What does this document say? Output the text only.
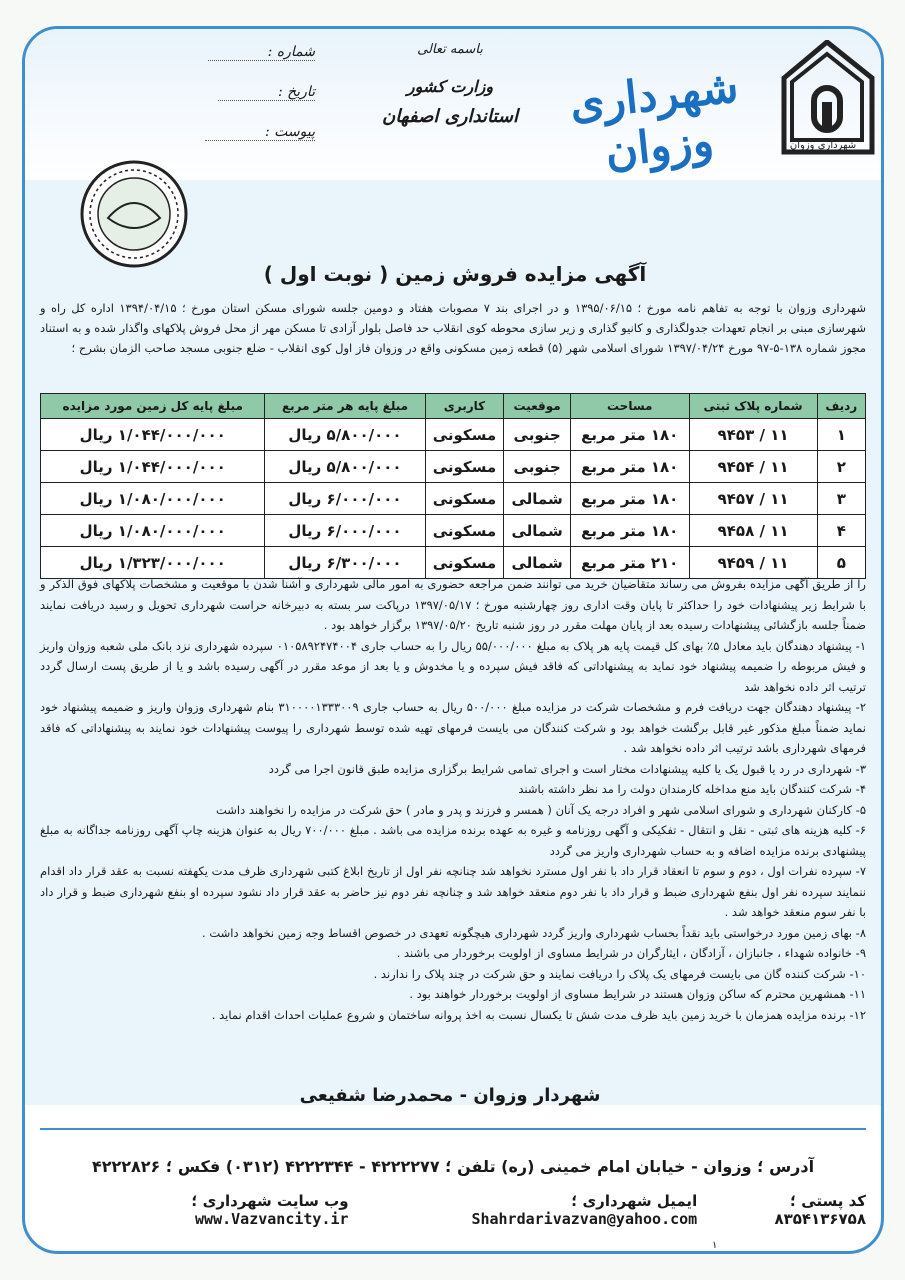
شهرداری وزوان
شهرداری وزوان
باسمه تعالی
وزارت کشور
استانداری اصفهان
شماره :
تاریخ :
پیوست :
آگهی مزایده فروش زمین ( نوبت اول )
شهرداری وزوان با توجه به تفاهم نامه مورخ ؛ ۱۳۹۵/۰۶/۱۵ و در اجرای بند ۷ مصوبات هفتاد و دومین جلسه شورای مسکن استان مورخ ؛ ۱۳۹۴/۰۴/۱۵ اداره کل راه و شهرسازی مبنی بر انجام تعهدات جدولگذاری و کانیو گذاری و زیر سازی محوطه کوی انقلاب حد فاصل بلوار آزادی تا مسکن مهر از محل فروش پلاکهای واگذار شده و به استناد مجوز شماره ۱۳۸-۵-۹۷ مورخ ۱۳۹۷/۰۴/۲۴ شورای اسلامی شهر (۵) قطعه زمین مسکونی واقع در وزوان فاز اول کوی انقلاب - ضلع جنوبی مسجد صاحب الزمان بشرح ؛
ردیف	شماره پلاک ثبتی	مساحت	موقعیت	کاربری	مبلغ پایه هر متر مربع	مبلغ پایه کل زمین مورد مزایده
۱	۱۱ / ۹۴۵۳	۱۸۰ متر مربع	جنوبی	مسکونی	۵/۸۰۰/۰۰۰ ریال	۱/۰۴۴/۰۰۰/۰۰۰ ریال
۲	۱۱ / ۹۴۵۴	۱۸۰ متر مربع	جنوبی	مسکونی	۵/۸۰۰/۰۰۰ ریال	۱/۰۴۴/۰۰۰/۰۰۰ ریال
۳	۱۱ / ۹۴۵۷	۱۸۰ متر مربع	شمالی	مسکونی	۶/۰۰۰/۰۰۰ ریال	۱/۰۸۰/۰۰۰/۰۰۰ ریال
۴	۱۱ / ۹۴۵۸	۱۸۰ متر مربع	شمالی	مسکونی	۶/۰۰۰/۰۰۰ ریال	۱/۰۸۰/۰۰۰/۰۰۰ ریال
۵	۱۱ / ۹۴۵۹	۲۱۰ متر مربع	شمالی	مسکونی	۶/۳۰۰/۰۰۰ ریال	۱/۳۲۳/۰۰۰/۰۰۰ ریال

را از طریق آگهی مزایده بفروش می رساند متقاضیان خرید می توانند ضمن مراجعه حضوری به امور مالی شهرداری و آشنا شدن با موقعیت و مشخصات پلاکهای فوق الذکر و با شرایط زیر پیشنهادات خود را حداکثر تا پایان وقت اداری روز چهارشنبه مورخ ؛ ۱۳۹۷/۰۵/۱۷ درپاکت سر بسته به دبیرخانه حراست شهرداری تحویل و رسید دریافت نمایند ضمناً جلسه بازگشائی پیشنهادات رسیده بعد از پایان مهلت مقرر در روز شنبه تاریخ ۱۳۹۷/۰۵/۲۰ برگزار خواهد بود .

۱- پیشنهاد دهندگان باید معادل ۵٪ بهای کل قیمت پایه هر پلاک به مبلغ ۵۵/۰۰۰/۰۰۰ ریال را به حساب جاری ۰۱۰۵۸۹۲۴۷۴۰۰۴ سپرده شهرداری نزد بانک ملی شعبه وزوان واریز و فیش مربوطه را ضمیمه پیشنهاد خود نماید به پیشنهاداتی که فاقد فیش سپرده و یا مخدوش و یا بعد از موعد مقرر در آگهی رسیده باشد و یا از طریق پست ارسال گردد ترتیب اثر داده نخواهد شد

۲- پیشنهاد دهندگان جهت دریافت فرم و مشخصات شرکت در مزایده مبلغ ۵۰۰/۰۰۰ ریال به حساب جاری ۳۱۰۰۰۰۱۳۳۳۰۰۹ بنام شهرداری وزوان واریز و ضمیمه پیشنهاد خود نماید ضمناً مبلغ مذکور غیر قابل برگشت خواهد بود و شرکت کنندگان می بایست فرمهای تهیه شده توسط شهرداری را پیوست پیشنهادات خود نمایند به پیشنهاداتی که فاقد فرمهای شهرداری باشد ترتیب اثر داده نخواهد شد .

۳- شهرداری در رد یا قبول یک یا کلیه پیشنهادات مختار است و اجرای تمامی شرایط برگزاری مزایده طبق قانون اجرا می گردد

۴- شرکت کنندگان باید منع مداخله کارمندان دولت را مد نظر داشته باشند

۵- کارکنان شهرداری و شورای اسلامی شهر و افراد درجه یک آنان ( همسر و فرزند و پدر و مادر ) حق شرکت در مزایده را نخواهند داشت

۶- کلیه هزینه های ثبتی - نقل و انتقال - تفکیکی و آگهی روزنامه و غیره به عهده برنده مزایده می باشد . مبلغ ۷۰۰/۰۰۰ ریال به عنوان هزینه چاپ آگهی روزنامه جداگانه به مبلغ پیشنهادی برنده مزایده اضافه و به حساب شهرداری واریز می گردد

۷- سپرده نفرات اول ، دوم و سوم تا انعقاد قرار داد با نفر اول مسترد نخواهد شد چنانچه نفر اول از تاریخ ابلاغ کتبی شهرداری ظرف مدت یکهفته نسبت به عقد قرار داد اقدام ننمایند سپرده نفر اول بنفع شهرداری ضبط و قرار داد با نفر دوم منعقد خواهد شد و چنانچه نفر دوم نیز حاضر به عقد قرار داد نشود سپرده او بنفع شهرداری ضبط و قرار داد با نفر سوم منعقد خواهد شد .

۸- بهای زمین مورد درخواستی باید نقداً بحساب شهرداری واریز گردد شهرداری هیچگونه تعهدی در خصوص اقساط وجه زمین نخواهد داشت .

۹- خانواده شهداء ، جانبازان ، آزادگان ، ایثارگران در شرایط مساوی از اولویت برخوردار می باشند .

۱۰- شرکت کننده گان می بایست فرمهای یک پلاک را دریافت نمایند و حق شرکت در چند پلاک را ندارند .

۱۱- همشهرین محترم که ساکن وزوان هستند در شرایط مساوی از اولویت برخوردار خواهند بود .

۱۲- برنده مزایده همزمان با خرید زمین باید ظرف مدت شش تا یکسال نسبت به اخذ پروانه ساختمان و شروع عملیات احداث اقدام نماید .

شهردار وزوان - محمدرضا شفیعی
آدرس ؛ وزوان - خیابان امام خمینی (ره) تلفن ؛ ۴۲۲۲۲۷۷ - ۴۲۲۲۳۴۴ (۰۳۱۲) فکس ؛ ۴۲۲۲۸۲۶
کد پستی ؛ ۸۳۵۴۱۳۶۷۵۸
ایمیل شهرداری ؛ Shahrdarivazvan@yahoo.com
وب سایت شهرداری ؛ www.Vazvancity.ir
۱
